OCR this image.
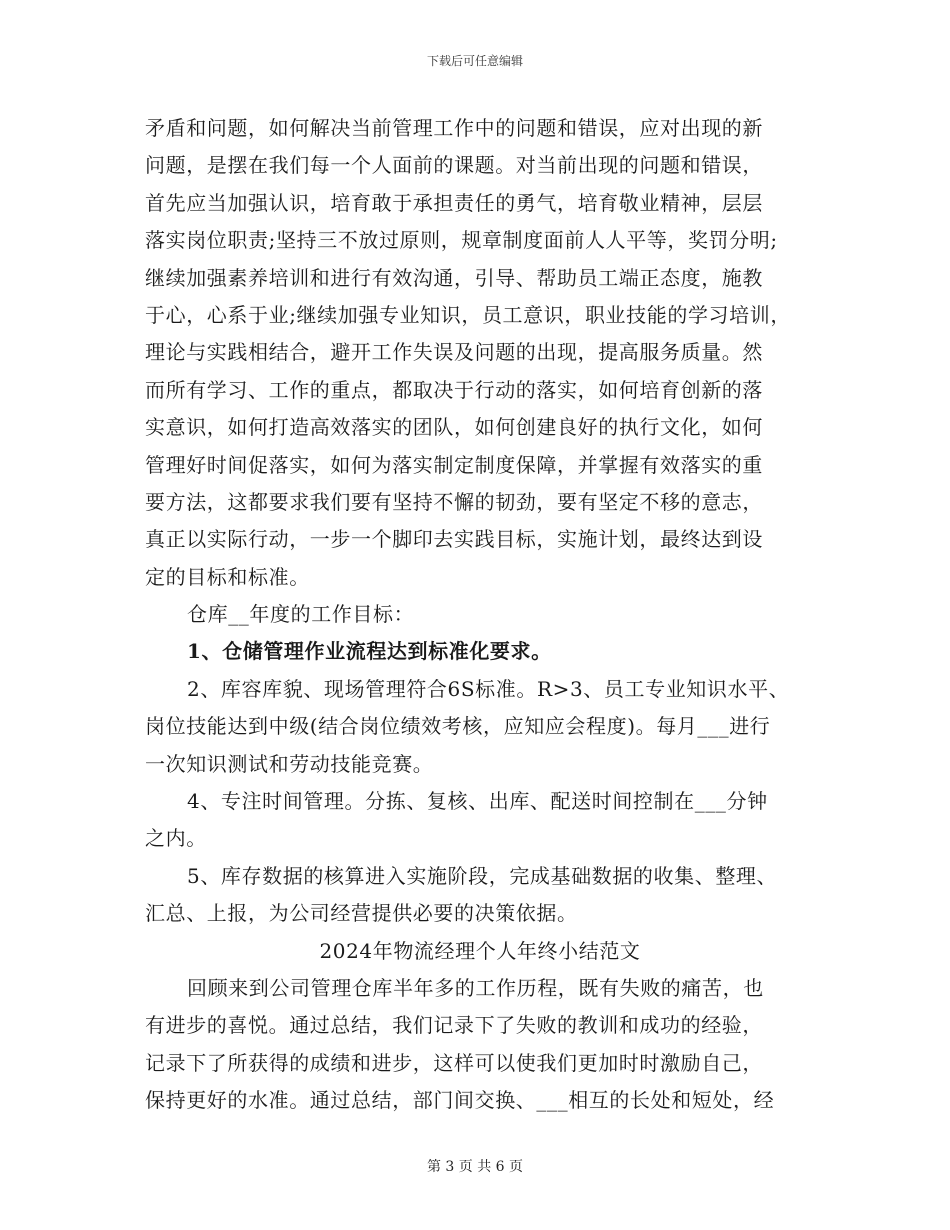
下载后可任意编辑
矛盾和问题，如何解决当前管理工作中的问题和错误，应对出现的新
问题，是摆在我们每一个人面前的课题。对当前出现的问题和错误，
首先应当加强认识，培育敢于承担责任的勇气，培育敬业精神，层层
落实岗位职责;坚持三不放过原则，规章制度面前人人平等，奖罚分明;
继续加强素养培训和进行有效沟通，引导、帮助员工端正态度，施教
于心，心系于业;继续加强专业知识，员工意识，职业技能的学习培训，
理论与实践相结合，避开工作失误及问题的出现，提高服务质量。然
而所有学习、工作的重点，都取决于行动的落实，如何培育创新的落
实意识，如何打造高效落实的团队，如何创建良好的执行文化，如何
管理好时间促落实，如何为落实制定制度保障，并掌握有效落实的重
要方法，这都要求我们要有坚持不懈的韧劲，要有坚定不移的意志，
真正以实际行动，一步一个脚印去实践目标，实施计划，最终达到设
定的目标和标准。
仓库__年度的工作目标：
1、仓储管理作业流程达到标准化要求。
2、库容库貌、现场管理符合6S标准。R>3、员工专业知识水平、
岗位技能达到中级(结合岗位绩效考核，应知应会程度)。每月___进行
一次知识测试和劳动技能竞赛。
4、专注时间管理。分拣、复核、出库、配送时间控制在___分钟
之内。
5、库存数据的核算进入实施阶段，完成基础数据的收集、整理、
汇总、上报，为公司经营提供必要的决策依据。
2024年物流经理个人年终小结范文
回顾来到公司管理仓库半年多的工作历程，既有失败的痛苦，也
有进步的喜悦。通过总结，我们记录下了失败的教训和成功的经验，
记录下了所获得的成绩和进步，这样可以使我们更加时时激励自己，
保持更好的水准。通过总结，部门间交换、___相互的长处和短处，经
第 3 页 共 6 页
